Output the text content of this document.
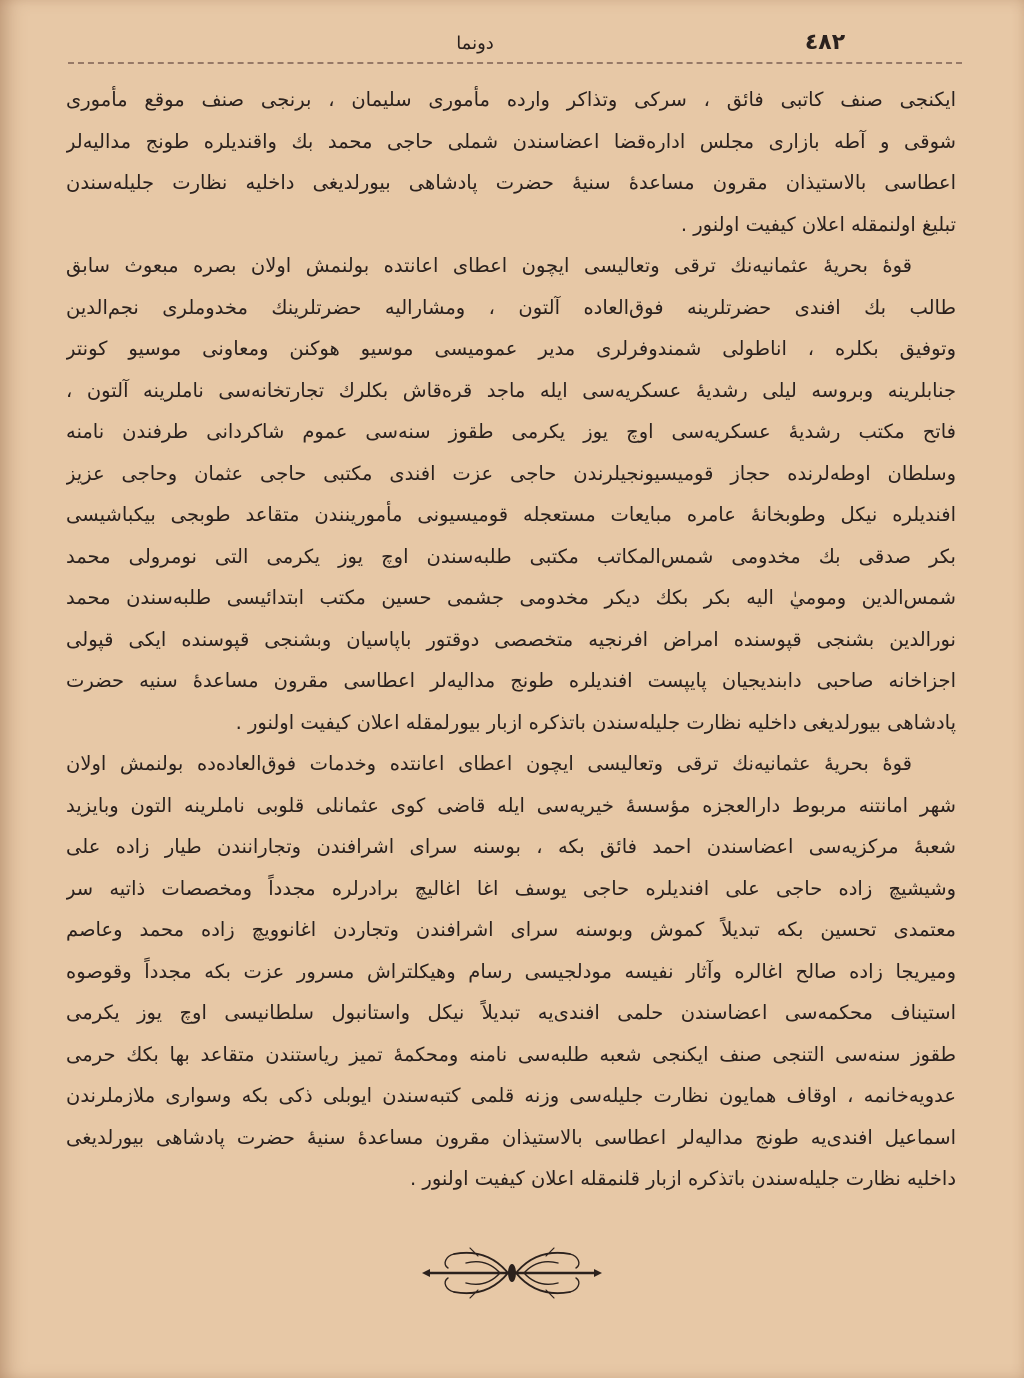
دونما	٤٨٢
ايكنجى صنف كاتبى فائق ، سركى وتذاكر وارده مأمورى سليمان ، برنجى صنف موقع مأمورى
شوقى و آطه بازارى مجلس اداره‌قضا اعضاسندن شملى حاجى محمد بك واقنديلره طونج مداليه‌لر
اعطاسى بالاستيذان مقرون مساعدهٔ سنيهٔ حضرت پادشاهى بيورلديغى داخليه نظارت جليله‌سندن
تبليغ اولنمقله اعلان كيفيت اولنور .
قوهٔ بحريهٔ عثمانيه‌نك ترقى وتعاليسى ايچون اعطاى اعانتده بولنمش اولان بصره مبعوث سابق
طالب بك افندى حضرتلرينه فوق‌العاده آلتون ، ومشاراليه حضرتلرينك مخدوملرى نجم‌الدين
وتوفيق بكلره ، اناطولى شمندوفرلرى مدير عموميسى موسيو هوكنن ومعاونى موسيو كونتر
جنابلرينه وبروسه ليلى رشديهٔ عسكريه‌سى ايله ماجد قره‌قاش بكلرك تجارتخانه‌سى ناملرينه آلتون ،
فاتح مكتب رشديهٔ عسكريه‌سى اوچ يوز يكرمى طقوز سنه‌سى عموم شاكردانى طرفندن نامنه
وسلطان اوطه‌لرنده حجاز قوميسيونجيلرندن حاجى عزت افندى مكتبى حاجى عثمان وحاجى عزيز
افنديلره نيكل وطوبخانهٔ عامره مبايعات مستعجله قوميسيونى مأمورينندن متقاعد طوبجى بيكباشيسى
بكر صدقى بك مخدومى شمس‌المكاتب مكتبى طلبه‌سندن اوچ يوز يكرمى التى نومرولى محمد
شمس‌الدين وموميٰ اليه بكر بكك ديكر مخدومى جشمى حسين مكتب ابتدائيسى طلبه‌سندن محمد
نورالدين بشنجى قپوسنده امراض افرنجيه متخصصى دوقتور باپاسيان وبشنجى قپوسنده ايكى قپولى
اجزاخانه صاحبى دابنديجيان پايپست افنديلره طونج مداليه‌لر اعطاسى مقرون مساعدهٔ سنيه حضرت
پادشاهى بيورلديغى داخليه نظارت جليله‌سندن باتذكره ازبار بيورلمقله اعلان كيفيت اولنور .
قوهٔ بحريهٔ عثمانيه‌نك ترقى وتعاليسى ايچون اعطاى اعانتده وخدمات فوق‌العاده‌ده بولنمش اولان
شهر امانتنه مربوط دارالعجزه مؤسسهٔ خيريه‌سى ايله قاضى كوى عثمانلى قلوبى ناملرينه التون وبايزيد
شعبهٔ مركزيه‌سى اعضاسندن احمد فائق بكه ، بوسنه سراى اشرافندن وتجارانندن طيار زاده على
وشيشيچ زاده حاجى على افنديلره حاجى يوسف اغا اغاليچ برادرلره مجدداً ومخصصات ذاتيه سر
معتمدى تحسين بكه تبديلاً كموش وبوسنه سراى اشرافندن وتجاردن اغانوويچ زاده محمد وعاصم
وميريجا زاده صالح اغالره وآثار نفيسه مودلجيسى رسام وهيكلتراش مسرور عزت بكه مجدداً وقوصوه
استيناف محكمه‌سى اعضاسندن حلمى افندى‌يه تبديلاً نيكل واستانبول سلطانيسى اوچ يوز يكرمى
طقوز سنه‌سى التنجى صنف ايكنجى شعبه طلبه‌سى نامنه ومحكمهٔ تميز رياستندن متقاعد بها بكك حرمى
عدويه‌خانمه ، اوقاف همايون نظارت جليله‌سى وزنه قلمى كتبه‌سندن ايوبلى ذكى بكه وسوارى ملازملرندن
اسماعيل افندى‌يه طونج مداليه‌لر اعطاسى بالاستيذان مقرون مساعدهٔ سنيهٔ حضرت پادشاهى بيورلديغى
داخليه نظارت جليله‌سندن باتذكره ازبار قلنمقله اعلان كيفيت اولنور .
